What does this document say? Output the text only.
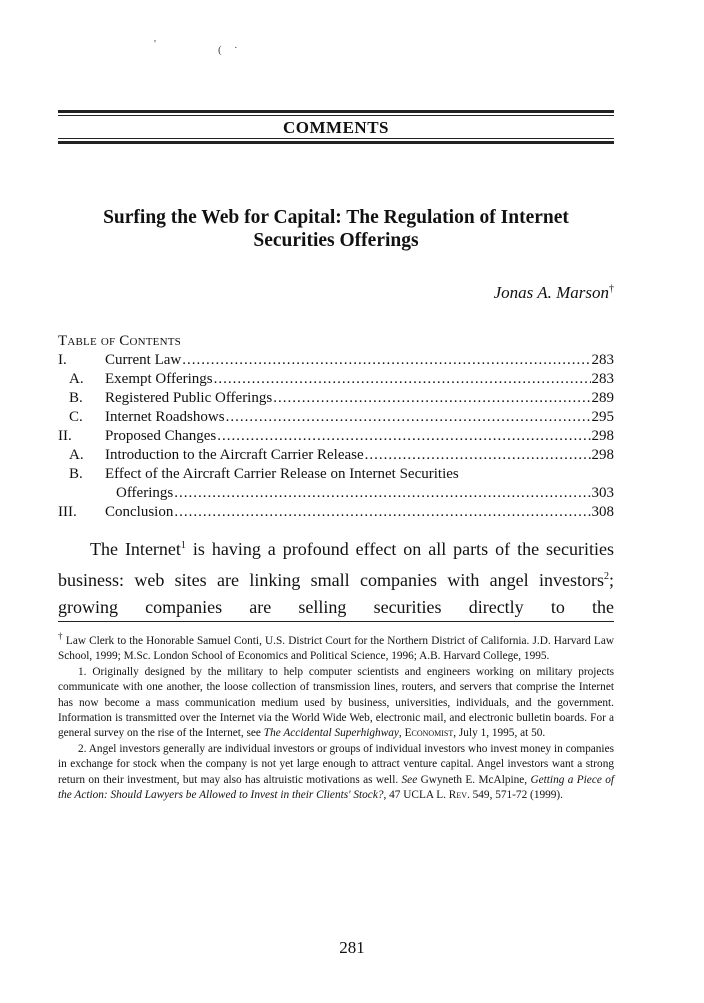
'	( ·
COMMENTS
Surfing the Web for Capital: The Regulation of Internet
Securities Offerings
Jonas A. Marson†
Table of Contents
I.	Current Law .....	283
A.	Exempt Offerings .....	283
B.	Registered Public Offerings .....	289
C.	Internet Roadshows .....	295
II.	Proposed Changes .....	298
A.	Introduction to the Aircraft Carrier Release .....	298
B.	Effect of the Aircraft Carrier Release on Internet Securities
Offerings .....	303
III.	Conclusion .....	308

The Internet$^1$ is having a profound effect on all parts of the securities business: web sites are linking small companies with angel investors$^2$; growing companies are selling securities directly to the

† Law Clerk to the Honorable Samuel Conti, U.S. District Court for the Northern District of California. J.D. Harvard Law School, 1999; M.Sc. London School of Economics and Political Science, 1996; A.B. Harvard College, 1995.

1. Originally designed by the military to help computer scientists and engineers working on military projects communicate with one another, the loose collection of transmission lines, routers, and servers that comprise the Internet has now become a mass communication medium used by business, universities, individuals, and the government. Information is transmitted over the Internet via the World Wide Web, electronic mail, and electronic bulletin boards. For a general survey on the rise of the Internet, see The Accidental Superhighway, Economist, July 1, 1995, at 50.

2. Angel investors generally are individual investors or groups of individual investors who invest money in companies in exchange for stock when the company is not yet large enough to attract venture capital. Angel investors want a strong return on their investment, but may also has altruistic motivations as well. See Gwyneth E. McAlpine, Getting a Piece of the Action: Should Lawyers be Allowed to Invest in their Clients' Stock?, 47 UCLA L. Rev. 549, 571-72 (1999).

281
